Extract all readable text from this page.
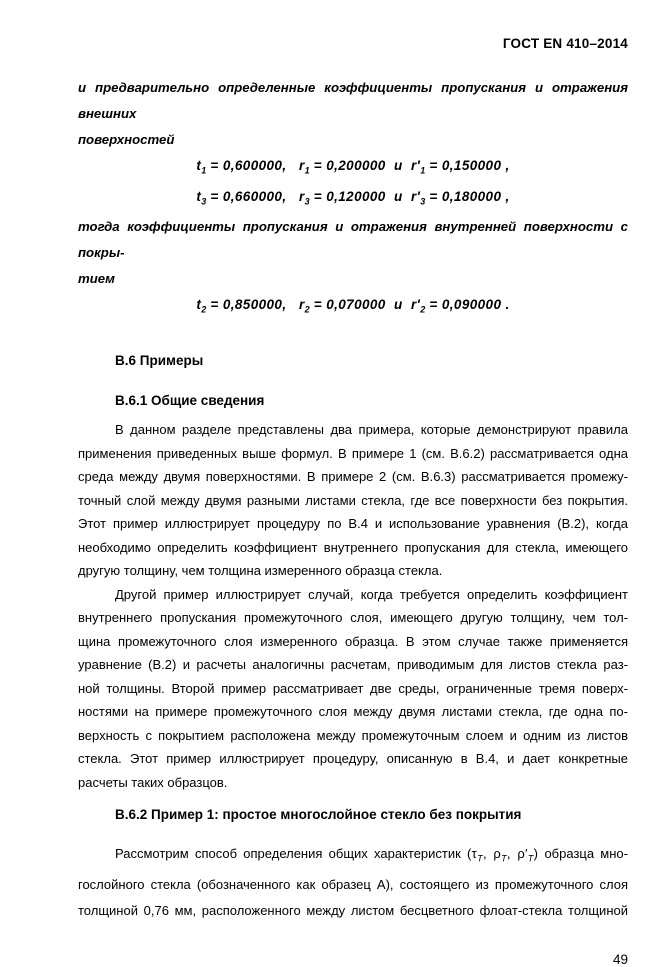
ГОСТ EN 410–2014
и предварительно определенные коэффициенты пропускания и отражения внешних
поверхностей
$t_1 = 0,600000$,   $r_1 = 0,200000$  и  $r'_1 = 0,150000$ ,
$t_3 = 0,660000$,   $r_3 = 0,120000$  и  $r'_3 = 0,180000$ ,
тогда коэффициенты пропускания и отражения внутренней поверхности с покры-
тием
$t_2 = 0,850000$,   $r_2 = 0,070000$  и  $r'_2 = 0,090000$ .
В.6 Примеры
В.6.1 Общие сведения
В данном разделе представлены два примера, которые демонстрируют правила
применения приведенных выше формул. В примере 1 (см. В.6.2) рассматривается одна
среда между двумя поверхностями. В примере 2 (см. В.6.3) рассматривается промежу-
точный слой между двумя разными листами стекла, где все поверхности без покрытия.
Этот пример иллюстрирует процедуру по В.4 и использование уравнения (В.2), когда
необходимо определить коэффициент внутреннего пропускания для стекла, имеющего
другую толщину, чем толщина измеренного образца стекла.
Другой пример иллюстрирует случай, когда требуется определить коэффициент
внутреннего пропускания промежуточного слоя, имеющего другую толщину, чем тол-
щина промежуточного слоя измеренного образца. В этом случае также применяется
уравнение (В.2) и расчеты аналогичны расчетам, приводимым для листов стекла раз-
ной толщины. Второй пример рассматривает две среды, ограниченные тремя поверх-
ностями на примере промежуточного слоя между двумя листами стекла, где одна по-
верхность с покрытием расположена между промежуточным слоем и одним из листов
стекла. Этот пример иллюстрирует процедуру, описанную в В.4, и дает конкретные
расчеты таких образцов.
В.6.2 Пример 1: простое многослойное стекло без покрытия
Рассмотрим способ определения общих характеристик ($\tau_T$, $\rho_T$, $\rho'_T$) образца мно-
гослойного стекла (обозначенного как образец А), состоящего из промежуточного слоя
толщиной 0,76 мм, расположенного между листом бесцветного флоат-стекла толщиной
49
